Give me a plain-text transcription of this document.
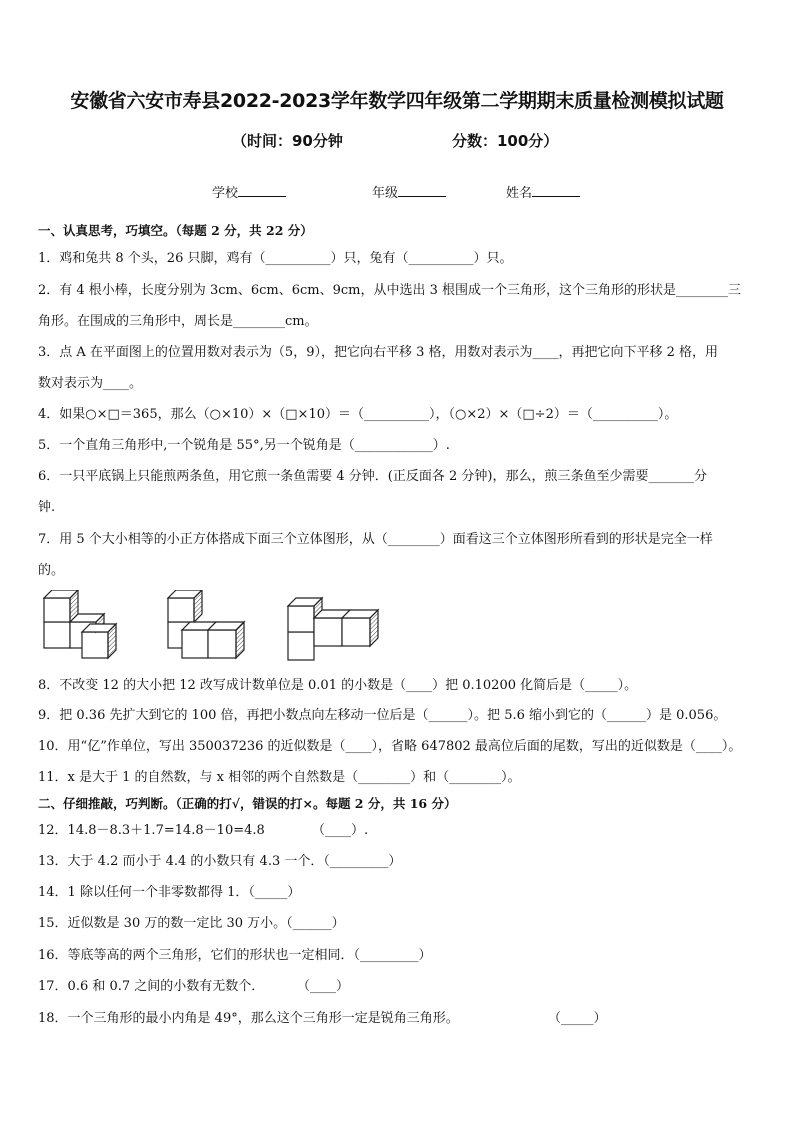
安徽省六安市寿县2022-2023学年数学四年级第二学期期末质量检测模拟试题
（时间：90分钟	分数：100分）
学校	年级	姓名
一、认真思考，巧填空。（每题 2 分，共 22 分）
1．鸡和兔共 8 个头，26 只脚，鸡有（__________）只，兔有（__________）只。
2．有 4 根小棒，长度分别为 3cm、6cm、6cm、9cm，从中选出 3 根围成一个三角形，这个三角形的形状是________三
角形。在围成的三角形中，周长是________cm。
3．点 A 在平面图上的位置用数对表示为（5，9），把它向右平移 3 格，用数对表示为____，再把它向下平移 2 格，用
数对表示为____。
4．如果○×□＝365，那么（○×10）×（□×10）＝（__________），（○×2）×（□÷2）＝（__________）。
5．一个直角三角形中,一个锐角是 55°,另一个锐角是（____________）.
6．一只平底锅上只能煎两条鱼，用它煎一条鱼需要 4 分钟．(正反面各 2 分钟)，那么，煎三条鱼至少需要_______分
钟.
7．用 5 个大小相等的小正方体搭成下面三个立体图形，从（________）面看这三个立体图形所看到的形状是完全一样
的。
8．不改变 12 的大小把 12 改写成计数单位是 0.01 的小数是（____）把 0.10200 化简后是（_____）。
9．把 0.36 先扩大到它的 100 倍，再把小数点向左移动一位后是（______）。把 5.6 缩小到它的（______）是 0.056。
10．用“亿”作单位，写出 350037236 的近似数是（____），省略 647802 最高位后面的尾数，写出的近似数是（____）。
11．x 是大于 1 的自然数，与 x 相邻的两个自然数是（________）和（________）。
二、仔细推敲，巧判断。（正确的打√，错误的打×。每题 2 分，共 16 分）
12．14.8－8.3＋1.7=14.8－10=4.8	（____）.
13．大于 4.2 而小于 4.4 的小数只有 4.3 一个．（_________）
14．1 除以任何一个非零数都得 1．（_____）
15．近似数是 30 万的数一定比 30 万小。（______）
16．等底等高的两个三角形，它们的形状也一定相同．（_________）
17．0.6 和 0.7 之间的小数有无数个．	（____）
18．一个三角形的最小内角是 49°，那么这个三角形一定是锐角三角形。	（_____）
